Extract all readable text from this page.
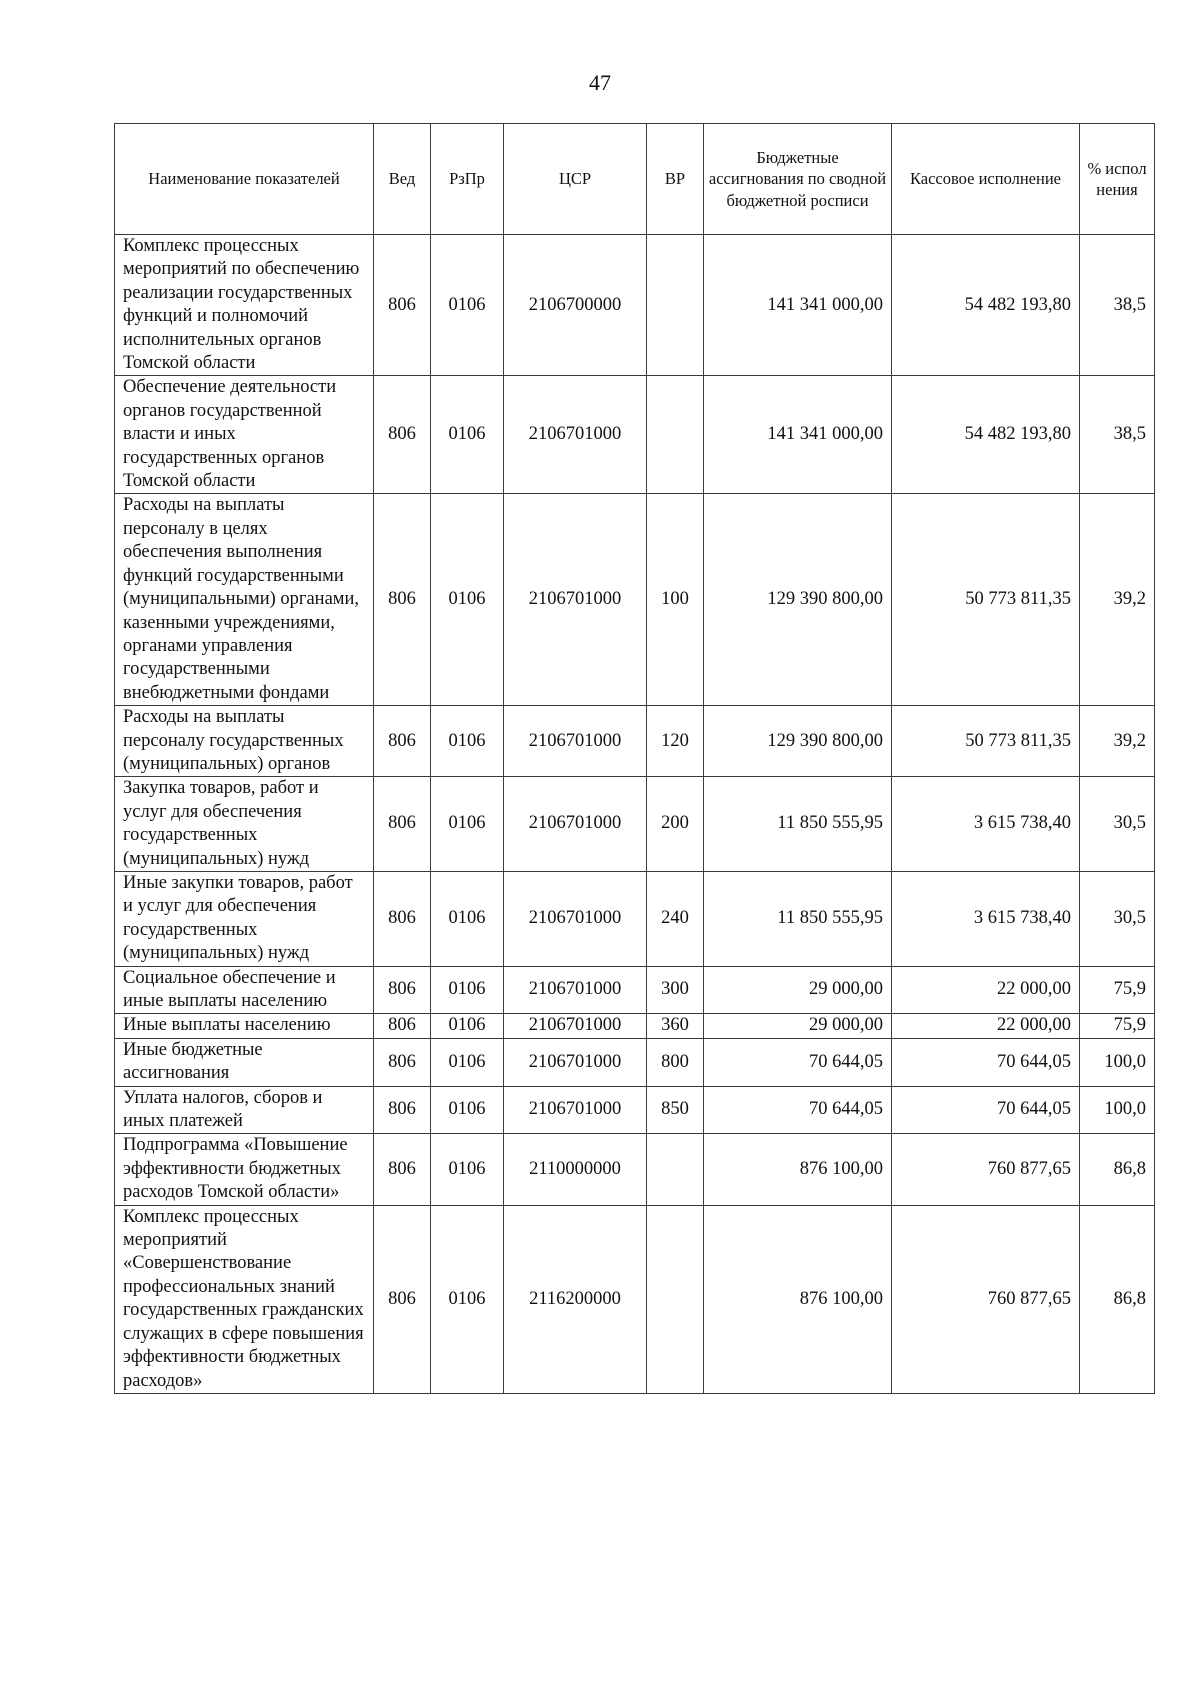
47
Наименование показателей	Вед	РзПр	ЦСР	ВР	Бюджетные ассигнования по сводной бюджетной росписи	Кассовое исполнение	% испол нения
Комплекс процессных мероприятий по обеспечению реализации государственных функций и полномочий исполнительных органов Томской области	806	0106	2106700000		141 341 000,00	54 482 193,80	38,5
Обеспечение деятельности органов государственной власти и иных государственных органов Томской области	806	0106	2106701000		141 341 000,00	54 482 193,80	38,5
Расходы на выплаты персоналу в целях обеспечения выполнения функций государственными (муниципальными) органами, казенными учреждениями, органами управления государственными внебюджетными фондами	806	0106	2106701000	100	129 390 800,00	50 773 811,35	39,2
Расходы на выплаты персоналу государственных (муниципальных) органов	806	0106	2106701000	120	129 390 800,00	50 773 811,35	39,2
Закупка товаров, работ и услуг для обеспечения государственных (муниципальных) нужд	806	0106	2106701000	200	11 850 555,95	3 615 738,40	30,5
Иные закупки товаров, работ и услуг для обеспечения государственных (муниципальных) нужд	806	0106	2106701000	240	11 850 555,95	3 615 738,40	30,5
Социальное обеспечение и иные выплаты населению	806	0106	2106701000	300	29 000,00	22 000,00	75,9
Иные выплаты населению	806	0106	2106701000	360	29 000,00	22 000,00	75,9
Иные бюджетные ассигнования	806	0106	2106701000	800	70 644,05	70 644,05	100,0
Уплата налогов, сборов и иных платежей	806	0106	2106701000	850	70 644,05	70 644,05	100,0
Подпрограмма «Повышение эффективности бюджетных расходов Томской области»	806	0106	2110000000		876 100,00	760 877,65	86,8
Комплекс процессных мероприятий «Совершенствование профессиональных знаний государственных гражданских служащих в сфере повышения эффективности бюджетных расходов»	806	0106	2116200000		876 100,00	760 877,65	86,8
